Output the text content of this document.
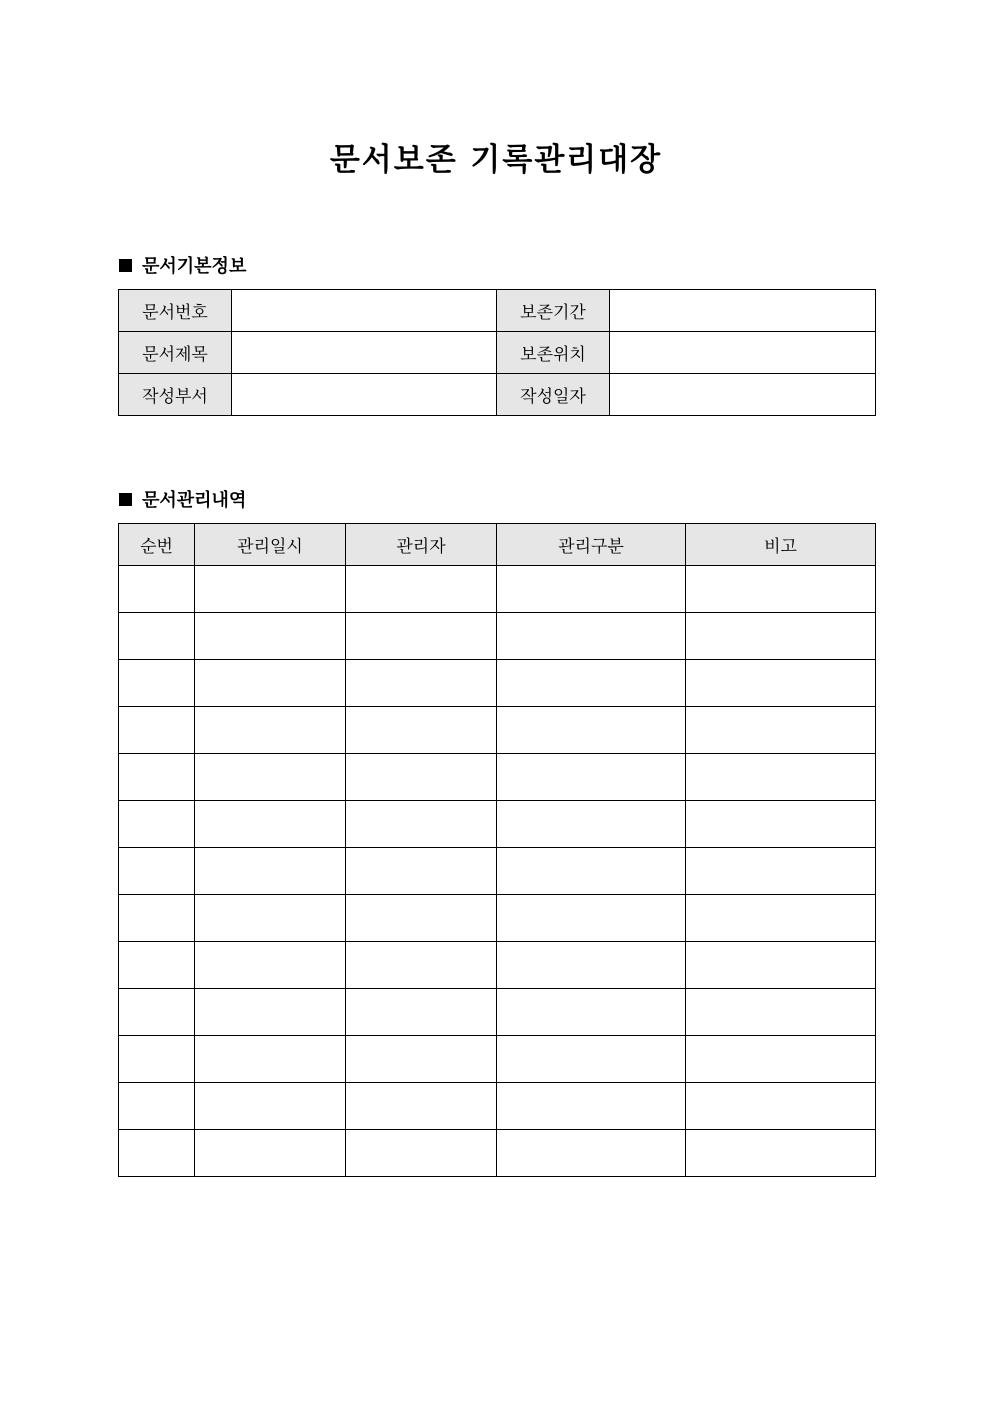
문서보존 기록관리대장
문서기본정보
문서번호		보존기간	
문서제목		보존위치	
작성부서		작성일자	
문서관리내역
순번	관리일시	관리자	관리구분	비고
